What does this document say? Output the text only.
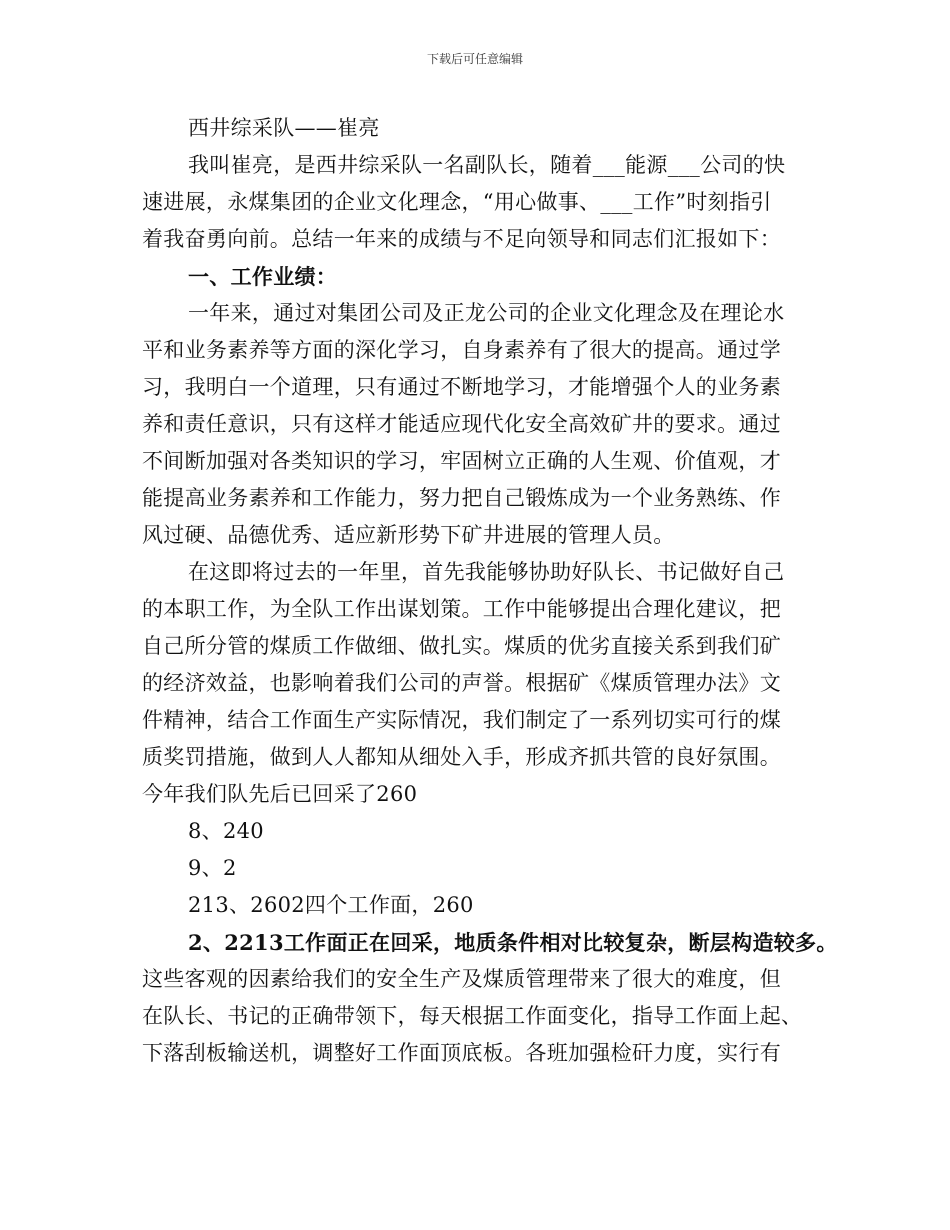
下载后可任意编辑
西井综采队——崔亮
我叫崔亮，是西井综采队一名副队长，随着___能源___公司的快
速进展，永煤集团的企业文化理念，“用心做事、___工作”时刻指引
着我奋勇向前。总结一年来的成绩与不足向领导和同志们汇报如下：
一、工作业绩：
一年来，通过对集团公司及正龙公司的企业文化理念及在理论水
平和业务素养等方面的深化学习，自身素养有了很大的提高。通过学
习，我明白一个道理，只有通过不断地学习，才能增强个人的业务素
养和责任意识，只有这样才能适应现代化安全高效矿井的要求。通过
不间断加强对各类知识的学习，牢固树立正确的人生观、价值观，才
能提高业务素养和工作能力，努力把自己锻炼成为一个业务熟练、作
风过硬、品德优秀、适应新形势下矿井进展的管理人员。
在这即将过去的一年里，首先我能够协助好队长、书记做好自己
的本职工作，为全队工作出谋划策。工作中能够提出合理化建议，把
自己所分管的煤质工作做细、做扎实。煤质的优劣直接关系到我们矿
的经济效益，也影响着我们公司的声誉。根据矿《煤质管理办法》文
件精神，结合工作面生产实际情况，我们制定了一系列切实可行的煤
质奖罚措施，做到人人都知从细处入手，形成齐抓共管的良好氛围。
今年我们队先后已回采了260
8、240
9、2
213、2602四个工作面，260
2、2213工作面正在回采，地质条件相对比较复杂，断层构造较多。
这些客观的因素给我们的安全生产及煤质管理带来了很大的难度，但
在队长、书记的正确带领下，每天根据工作面变化，指导工作面上起、
下落刮板输送机，调整好工作面顶底板。各班加强检矸力度，实行有
